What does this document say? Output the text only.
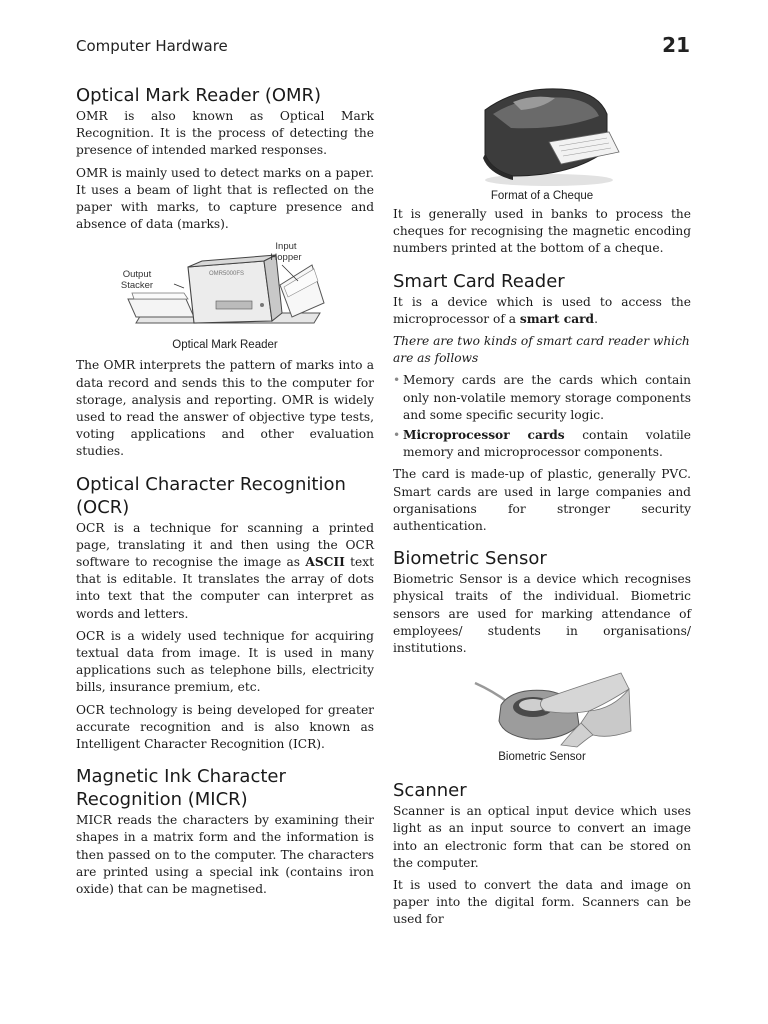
Computer Hardware	21
Optical Mark Reader (OMR)

OMR is also known as Optical Mark Recognition. It is the process of detecting the presence of intended marked responses.

OMR is mainly used to detect marks on a paper. It uses a beam of light that is reflected on the paper with marks, to capture presence and absence of data (marks).

OMR5000FS
Input Hopper
Output Stacker
Optical Mark Reader

The OMR interprets the pattern of marks into a data record and sends this to the computer for storage, analysis and reporting. OMR is widely used to read the answer of objective type tests, voting applications and other evaluation studies.

Optical Character Recognition (OCR)

OCR is a technique for scanning a printed page, translating it and then using the OCR software to recognise the image as ASCII text that is editable. It translates the array of dots into text that the computer can interpret as words and letters.

OCR is a widely used technique for acquiring textual data from image. It is used in many applications such as telephone bills, electricity bills, insurance premium, etc.

OCR technology is being developed for greater accurate recognition and is also known as Intelligent Character Recognition (ICR).

Magnetic Ink Character Recognition (MICR)

MICR reads the characters by examining their shapes in a matrix form and the information is then passed on to the computer. The characters are printed using a special ink (contains iron oxide) that can be magnetised.

Format of a Cheque

It is generally used in banks to process the cheques for recognising the magnetic encoding numbers printed at the bottom of a cheque.

Smart Card Reader

It is a device which is used to access the microprocessor of a smart card.

There are two kinds of smart card reader which are as follows

• Memory cards are the cards which contain only non-volatile memory storage components and some specific security logic.
• Microprocessor cards contain volatile memory and microprocessor components.

The card is made-up of plastic, generally PVC. Smart cards are used in large companies and organisations for stronger security authentication.

Biometric Sensor

Biometric Sensor is a device which recognises physical traits of the individual. Biometric sensors are used for marking attendance of employees/ students in organisations/ institutions.

Biometric Sensor
Scanner

Scanner is an optical input device which uses light as an input source to convert an image into an electronic form that can be stored on the computer.

It is used to convert the data and image on paper into the digital form. Scanners can be used for
